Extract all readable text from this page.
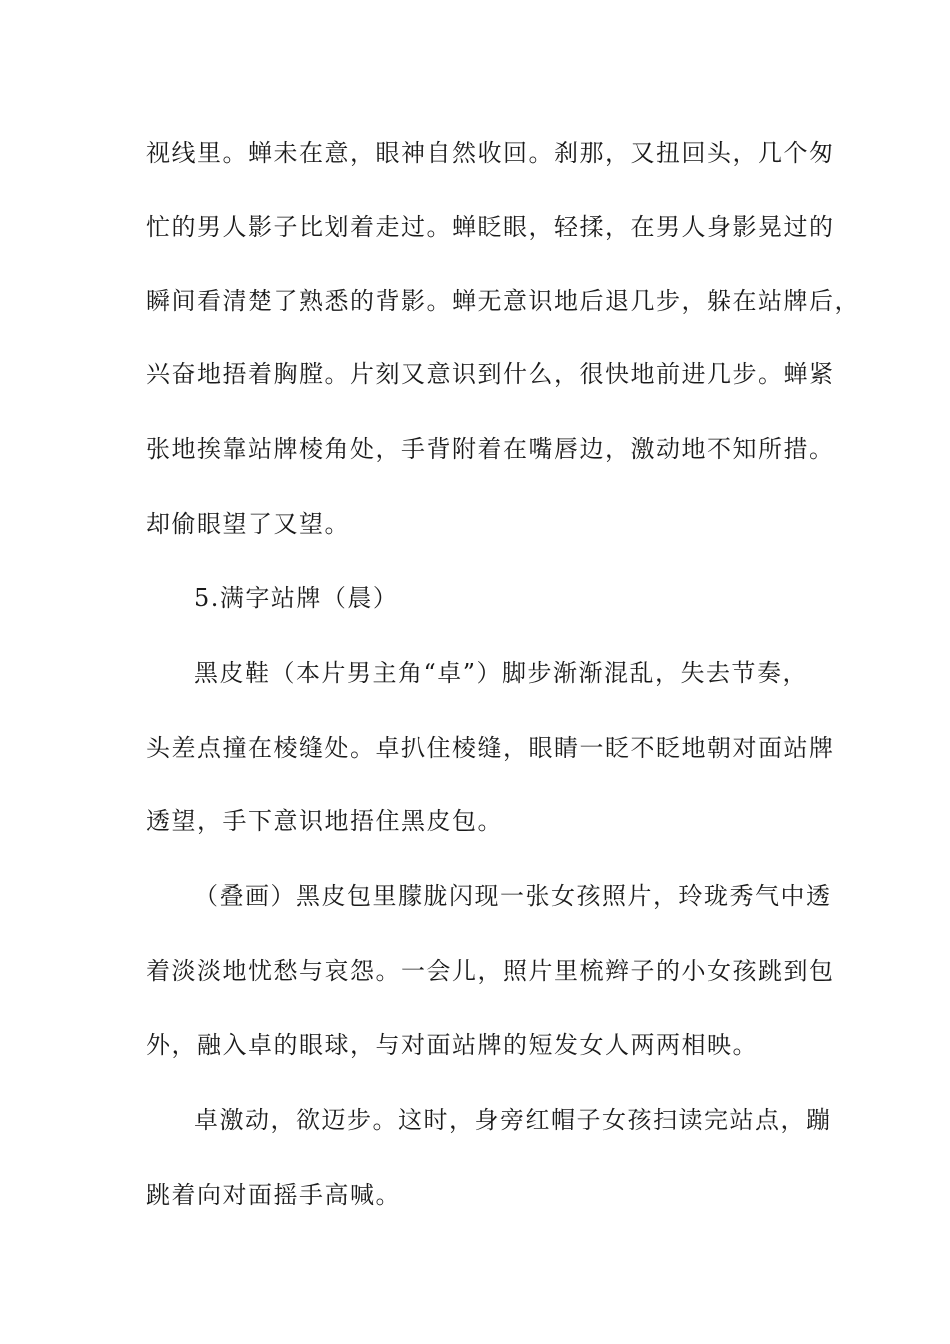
视线里。蝉未在意，眼神自然收回。刹那，又扭回头，几个匆
忙的男人影子比划着走过。蝉眨眼，轻揉，在男人身影晃过的
瞬间看清楚了熟悉的背影。蝉无意识地后退几步，躲在站牌后，
兴奋地捂着胸膛。片刻又意识到什么，很快地前进几步。蝉紧
张地挨靠站牌棱角处，手背附着在嘴唇边，激动地不知所措。
却偷眼望了又望。
5.满字站牌（晨）
黑皮鞋（本片男主角“卓”）脚步渐渐混乱，失去节奏，
头差点撞在棱缝处。卓扒住棱缝，眼睛一眨不眨地朝对面站牌
透望，手下意识地捂住黑皮包。
（叠画）黑皮包里朦胧闪现一张女孩照片，玲珑秀气中透
着淡淡地忧愁与哀怨。一会儿，照片里梳辫子的小女孩跳到包
外，融入卓的眼球，与对面站牌的短发女人两两相映。
卓激动，欲迈步。这时，身旁红帽子女孩扫读完站点，蹦
跳着向对面摇手高喊。
